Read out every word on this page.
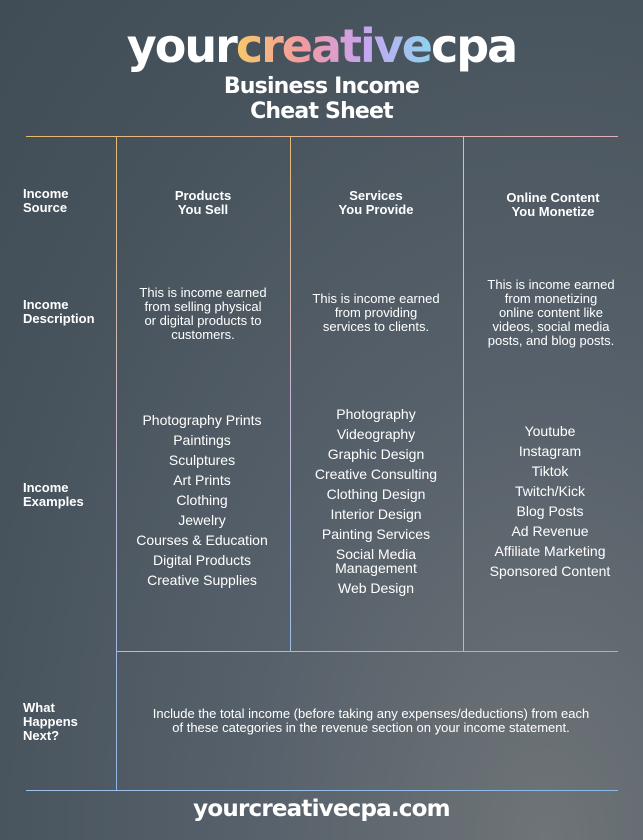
yourcreativecpa
Business Income
Cheat Sheet
Income
Source
Income
Description
Income
Examples
What
Happens
Next?
Products
You Sell
Services
You Provide
Online Content
You Monetize
This is income earned
from selling physical
or digital products to
customers.
This is income earned
from providing
services to clients.
This is income earned
from monetizing
online content like
videos, social media
posts, and blog posts.
Photography Prints
Paintings
Sculptures
Art Prints
Clothing
Jewelry
Courses & Education
Digital Products
Creative Supplies
Photography
Videography
Graphic Design
Creative Consulting
Clothing Design
Interior Design
Painting Services
Social Media
Management
Web Design
Youtube
Instagram
Tiktok
Twitch/Kick
Blog Posts
Ad Revenue
Affiliate Marketing
Sponsored Content
Include the total income (before taking any expenses/deductions) from each
of these categories in the revenue section on your income statement.
yourcreativecpa.com
